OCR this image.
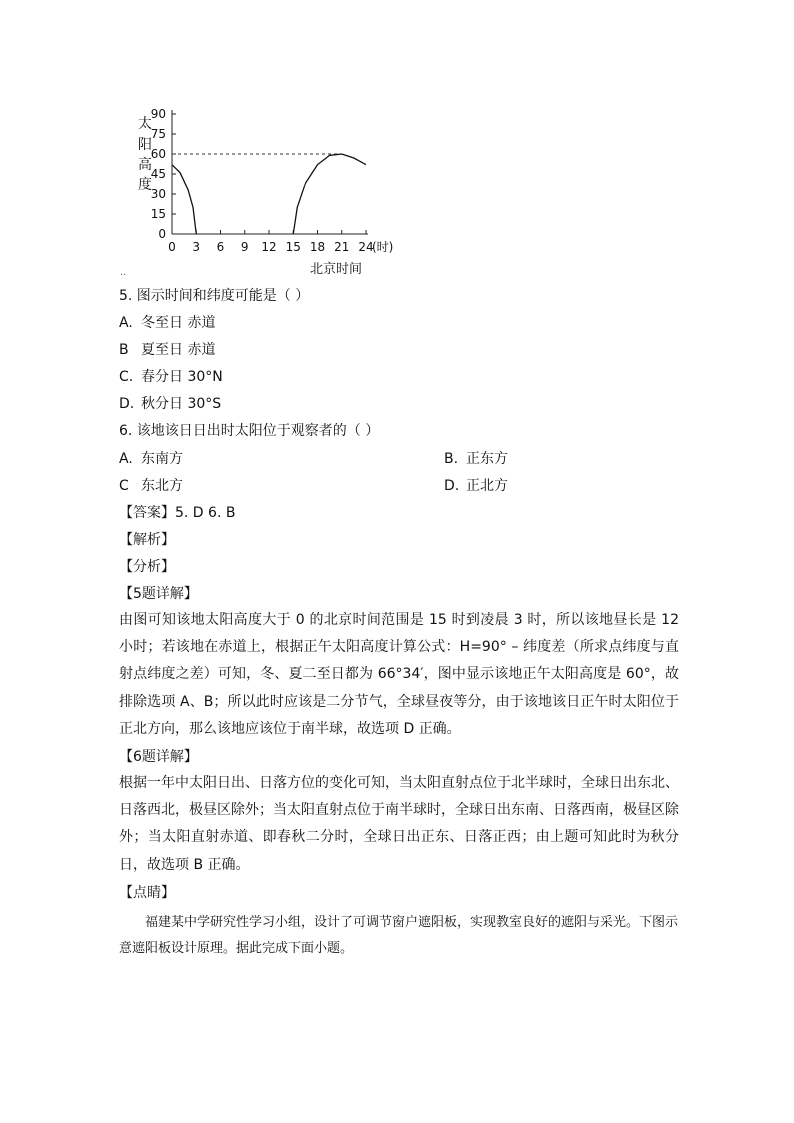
太
阳
高
度
0
15
30
45
60
75
90
0 3 6 9 12 15 18 21 24
(时)
北京时间
··
5. 图示时间和纬度可能是（ ）
A. 冬至日 赤道
B 夏至日 赤道
C. 春分日 30°N
D. 秋分日 30°S
6. 该地该日日出时太阳位于观察者的（ ）
A. 东南方	B. 正东方
C 东北方	D. 正北方
【答案】5. D 6. B
【解析】
【分析】
【5题详解】
由图可知该地太阳高度大于 0 的北京时间范围是 15 时到凌晨 3 时，所以该地昼长是 12 小时；若该地在赤道上，根据正午太阳高度计算公式：H=90° – 纬度差（所求点纬度与直射点纬度之差）可知，冬、夏二至日都为 66°34′，图中显示该地正午太阳高度是 60°，故排除选项 A、B；所以此时应该是二分节气，全球昼夜等分，由于该地该日正午时太阳位于正北方向，那么该地应该位于南半球，故选项 D 正确。
【6题详解】
根据一年中太阳日出、日落方位的变化可知，当太阳直射点位于北半球时，全球日出东北、日落西北，极昼区除外；当太阳直射点位于南半球时，全球日出东南、日落西南，极昼区除外；当太阳直射赤道、即春秋二分时，全球日出正东、日落正西；由上题可知此时为秋分日，故选项 B 正确。
【点睛】
福建某中学研究性学习小组，设计了可调节窗户遮阳板，实现教室良好的遮阳与采光。下图示意遮阳板设计原理。据此完成下面小题。
